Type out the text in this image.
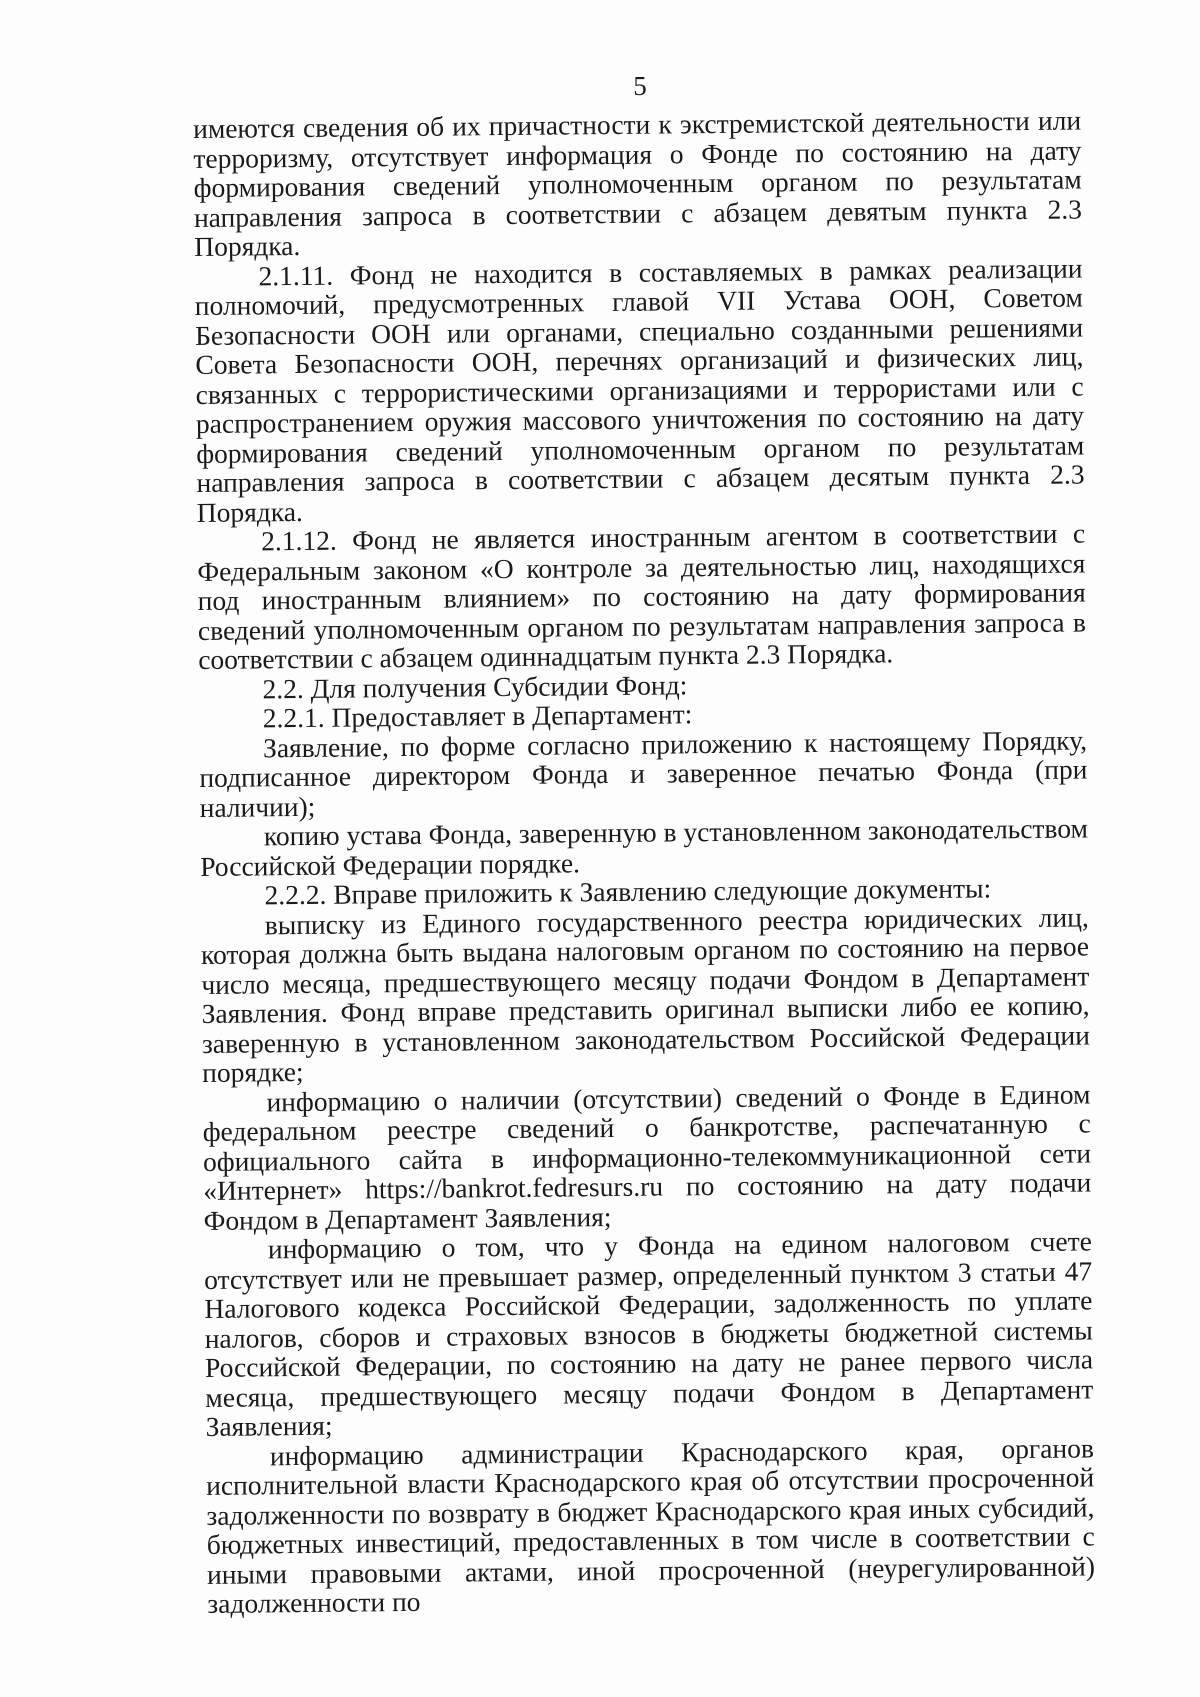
5

имеются сведения об их причастности к экстремистской деятельности или терроризму, отсутствует информация о Фонде по состоянию на дату формирования сведений уполномоченным органом по результатам направления запроса в соответствии с абзацем девятым пункта 2.3 Порядка.

2.1.11. Фонд не находится в составляемых в рамках реализации полномочий, предусмотренных главой VII Устава ООН, Советом Безопасности ООН или органами, специально созданными решениями Совета Безопасности ООН, перечнях организаций и физических лиц, связанных с террористическими организациями и террористами или с распространением оружия массового уничтожения по состоянию на дату формирования сведений уполномоченным органом по результатам направления запроса в соответствии с абзацем десятым пункта 2.3 Порядка.

2.1.12. Фонд не является иностранным агентом в соответствии с Федеральным законом «О контроле за деятельностью лиц, находящихся под иностранным влиянием» по состоянию на дату формирования сведений уполномоченным органом по результатам направления запроса в соответствии с абзацем одиннадцатым пункта 2.3 Порядка.

2.2. Для получения Субсидии Фонд:

2.2.1. Предоставляет в Департамент:

Заявление, по форме согласно приложению к настоящему Порядку, подписанное директором Фонда и заверенное печатью Фонда (при наличии);

копию устава Фонда, заверенную в установленном законодательством Российской Федерации порядке.

2.2.2. Вправе приложить к Заявлению следующие документы:

выписку из Единого государственного реестра юридических лиц, которая должна быть выдана налоговым органом по состоянию на первое число месяца, предшествующего месяцу подачи Фондом в Департамент Заявления. Фонд вправе представить оригинал выписки либо ее копию, заверенную в установленном законодательством Российской Федерации порядке;

информацию о наличии (отсутствии) сведений о Фонде в Едином федеральном реестре сведений о банкротстве, распечатанную с официального сайта в информационно-телекоммуникационной сети «Интернет» https://bankrot.fedresurs.ru по состоянию на дату подачи Фондом в Департамент Заявления;

информацию о том, что у Фонда на едином налоговом счете отсутствует или не превышает размер, определенный пунктом 3 статьи 47 Налогового кодекса Российской Федерации, задолженность по уплате налогов, сборов и страховых взносов в бюджеты бюджетной системы Российской Федерации, по состоянию на дату не ранее первого числа месяца, предшествующего месяцу подачи Фондом в Департамент Заявления;

информацию администрации Краснодарского края, органов исполнительной власти Краснодарского края об отсутствии просроченной задолженности по возврату в бюджет Краснодарского края иных субсидий, бюджетных инвестиций, предоставленных в том числе в соответствии с иными правовыми актами, иной просроченной (неурегулированной) задолженности по
